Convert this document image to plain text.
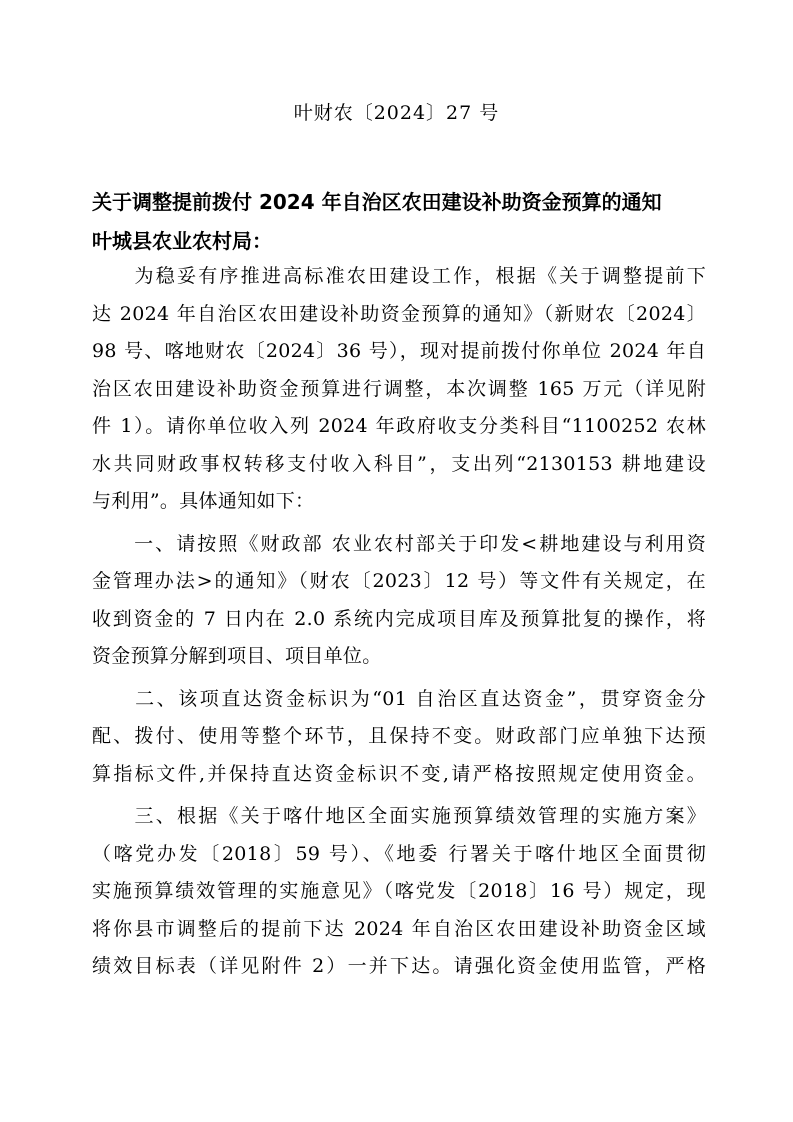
叶财农〔2024〕27 号
关于调整提前拨付 2024 年自治区农田建设补助资金预算的通知
叶城县农业农村局：
　　为稳妥有序推进高标准农田建设工作，根据《关于调整提前下
达 2024 年自治区农田建设补助资金预算的通知》（新财农〔2024〕
98 号、喀地财农〔2024〕36 号），现对提前拨付你单位 2024 年自
治区农田建设补助资金预算进行调整，本次调整 165 万元（详见附
件 1）。请你单位收入列 2024 年政府收支分类科目“1100252 农林
水共同财政事权转移支付收入科目”，支出列“2130153 耕地建设
与利用”。具体通知如下：
　　一、请按照《财政部 农业农村部关于印发<耕地建设与利用资
金管理办法>的通知》（财农〔2023〕12 号）等文件有关规定，在
收到资金的 7 日内在 2.0 系统内完成项目库及预算批复的操作，将
资金预算分解到项目、项目单位。
　　二、该项直达资金标识为“01 自治区直达资金”，贯穿资金分
配、拨付、使用等整个环节，且保持不变。财政部门应单独下达预
算指标文件,并保持直达资金标识不变,请严格按照规定使用资金。
　　三、根据《关于喀什地区全面实施预算绩效管理的实施方案》
（喀党办发〔2018〕59 号）、《地委 行署关于喀什地区全面贯彻
实施预算绩效管理的实施意见》（喀党发〔2018〕16 号）规定，现
将你县市调整后的提前下达 2024 年自治区农田建设补助资金区域
绩效目标表（详见附件 2）一并下达。请强化资金使用监管，严格
